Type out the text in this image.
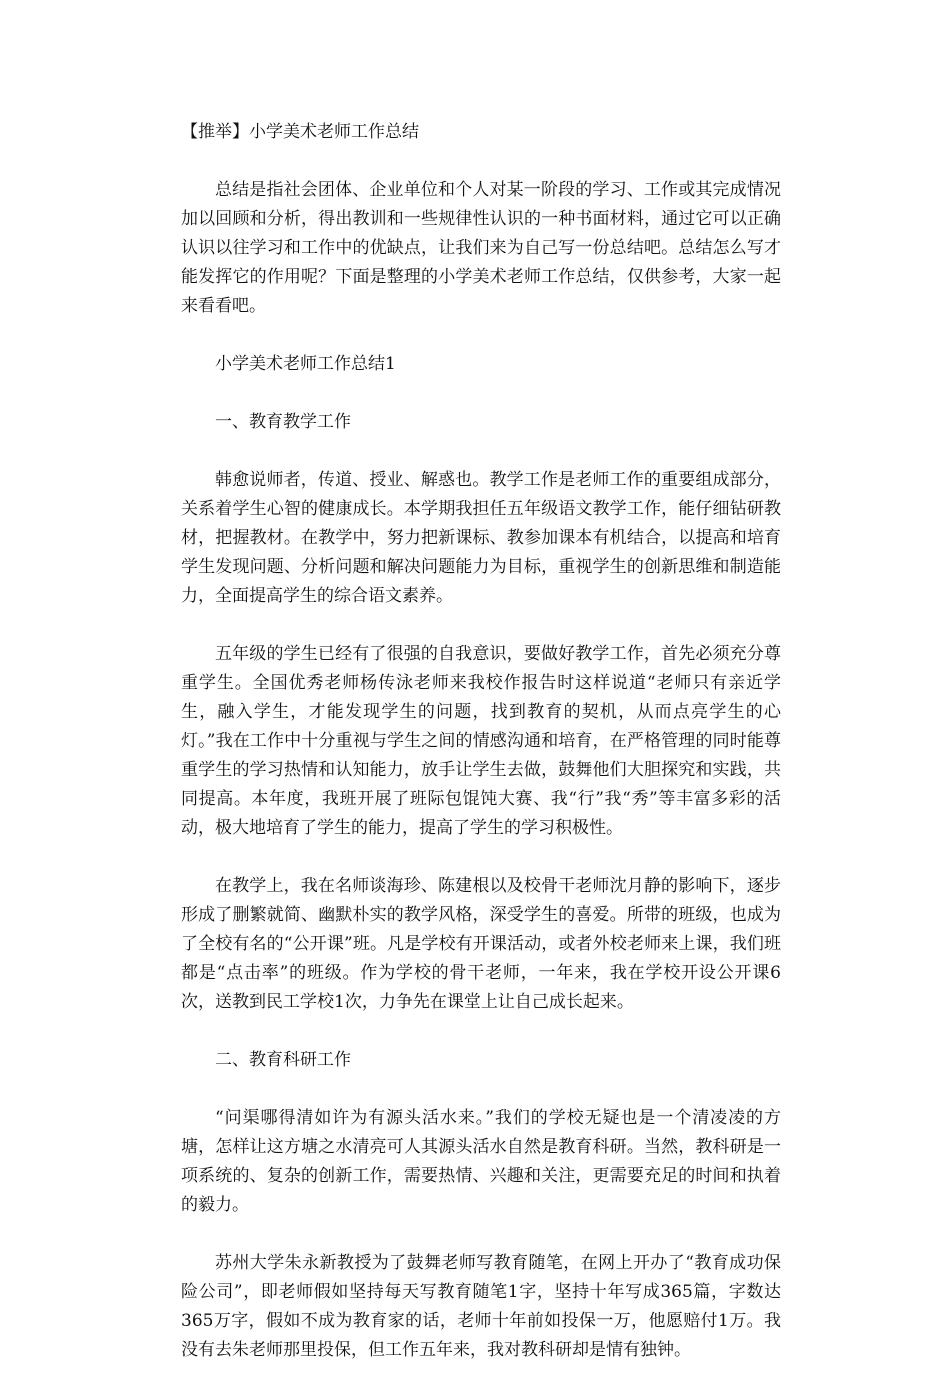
【推举】小学美术老师工作总结

总结是指社会团体、企业单位和个人对某一阶段的学习、工作或其完成情况加以回顾和分析，得出教训和一些规律性认识的一种书面材料，通过它可以正确认识以往学习和工作中的优缺点，让我们来为自己写一份总结吧。总结怎么写才能发挥它的作用呢？下面是整理的小学美术老师工作总结，仅供参考，大家一起来看看吧。

小学美术老师工作总结1

一、教育教学工作

韩愈说师者，传道、授业、解惑也。教学工作是老师工作的重要组成部分，关系着学生心智的健康成长。本学期我担任五年级语文教学工作，能仔细钻研教材，把握教材。在教学中，努力把新课标、教参加课本有机结合，以提高和培育学生发现问题、分析问题和解决问题能力为目标，重视学生的创新思维和制造能力，全面提高学生的综合语文素养。

五年级的学生已经有了很强的自我意识，要做好教学工作，首先必须充分尊重学生。全国优秀老师杨传泳老师来我校作报告时这样说道“老师只有亲近学生，融入学生，才能发现学生的问题，找到教育的契机，从而点亮学生的心灯。”我在工作中十分重视与学生之间的情感沟通和培育，在严格管理的同时能尊重学生的学习热情和认知能力，放手让学生去做，鼓舞他们大胆探究和实践，共同提高。本年度，我班开展了班际包馄饨大赛、我“行”我“秀”等丰富多彩的活动，极大地培育了学生的能力，提高了学生的学习积极性。

在教学上，我在名师谈海珍、陈建根以及校骨干老师沈月静的影响下，逐步形成了删繁就简、幽默朴实的教学风格，深受学生的喜爱。所带的班级，也成为了全校有名的“公开课”班。凡是学校有开课活动，或者外校老师来上课，我们班都是“点击率”的班级。作为学校的骨干老师，一年来，我在学校开设公开课6次，送教到民工学校1次，力争先在课堂上让自己成长起来。

二、教育科研工作

“问渠哪得清如许为有源头活水来。”我们的学校无疑也是一个清凌凌的方塘，怎样让这方塘之水清亮可人其源头活水自然是教育科研。当然，教科研是一项系统的、复杂的创新工作，需要热情、兴趣和关注，更需要充足的时间和执着的毅力。

苏州大学朱永新教授为了鼓舞老师写教育随笔，在网上开办了“教育成功保险公司”，即老师假如坚持每天写教育随笔1字，坚持十年写成365篇，字数达365万字，假如不成为教育家的话，老师十年前如投保一万，他愿赔付1万。我没有去朱老师那里投保，但工作五年来，我对教科研却是情有独钟。
